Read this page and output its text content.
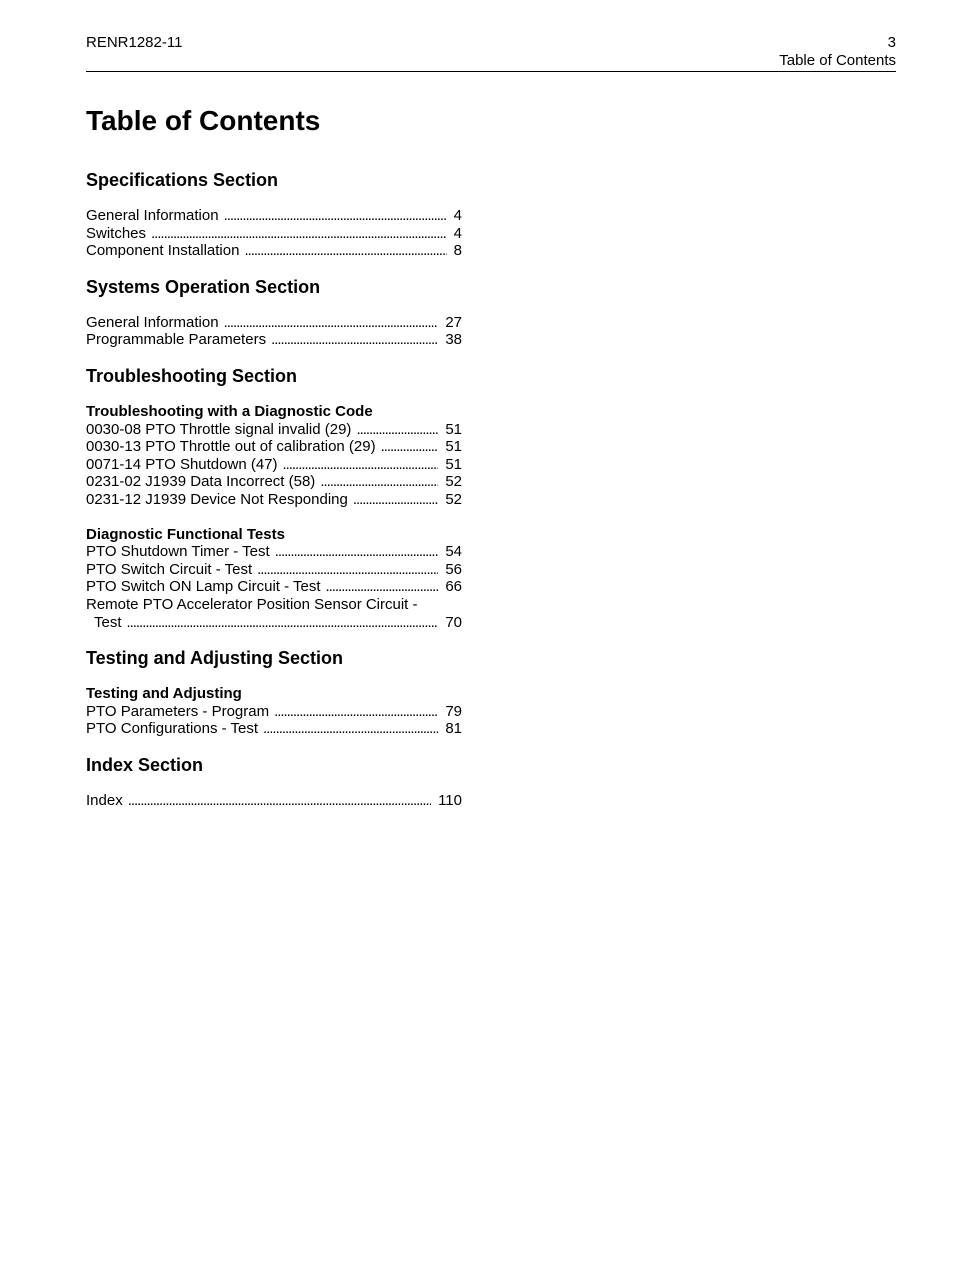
RENR1282-11	3
Table of Contents
Table of Contents
Specifications Section
General Information . . .	4
Switches . . .	4
Component Installation . . .	8
Systems Operation Section
General Information . . .	27
Programmable Parameters . . .	38
Troubleshooting Section
Troubleshooting with a Diagnostic Code
0030-08 PTO Throttle signal invalid (29) . . .	51
0030-13 PTO Throttle out of calibration (29) . . .	51
0071-14 PTO Shutdown (47) . . .	51
0231-02 J1939 Data Incorrect (58) . . .	52
0231-12 J1939 Device Not Responding . . .	52
Diagnostic Functional Tests
PTO Shutdown Timer - Test . . .	54
PTO Switch Circuit - Test . . .	56
PTO Switch ON Lamp Circuit - Test . . .	66
Remote PTO Accelerator Position Sensor Circuit -
Test . . .	70
Testing and Adjusting Section
Testing and Adjusting
PTO Parameters - Program . . .	79
PTO Configurations - Test . . .	81
Index Section
Index . . .	110
